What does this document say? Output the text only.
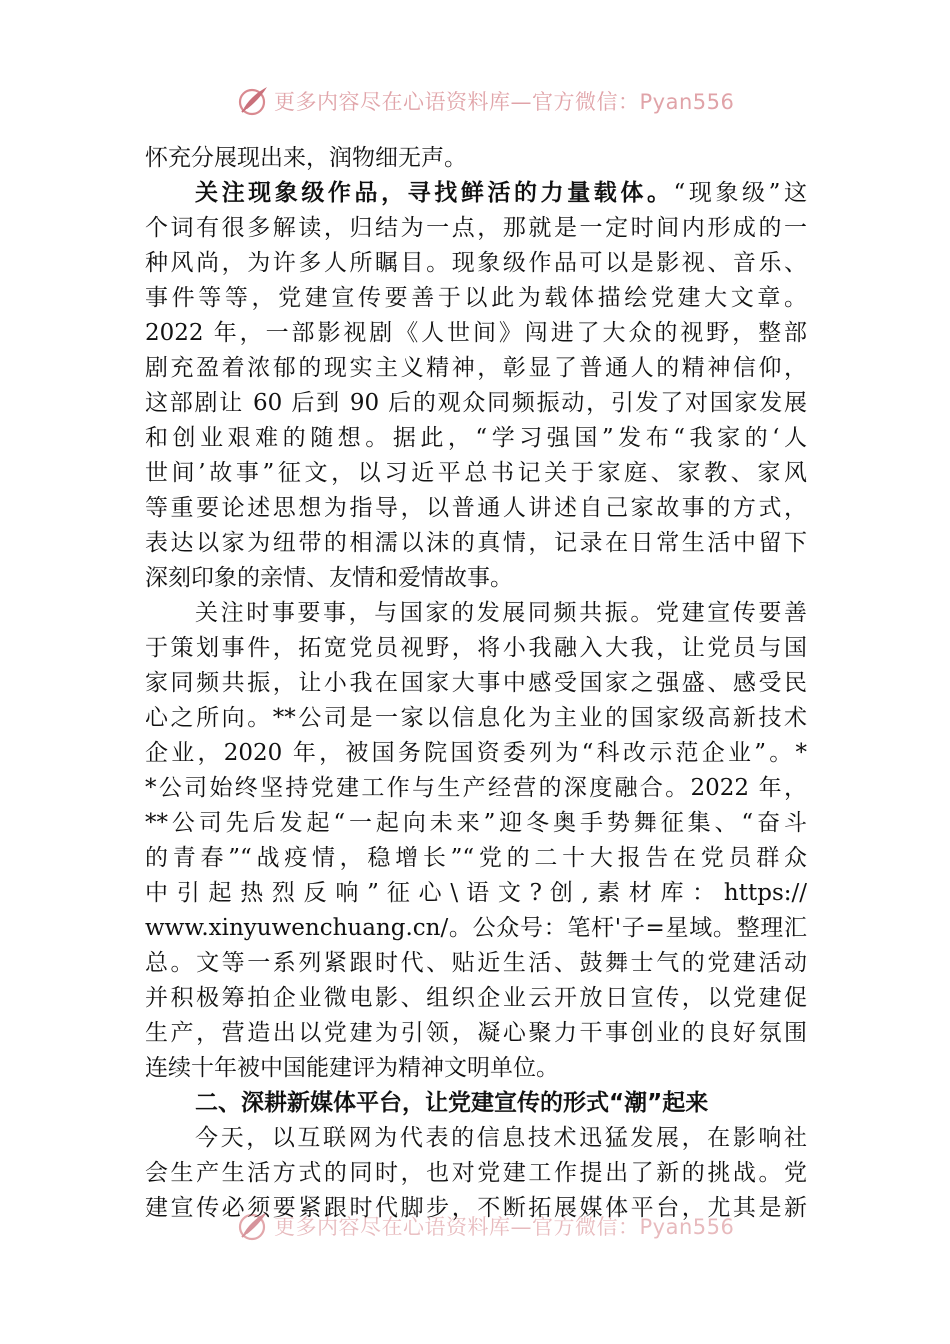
更多内容尽在心语资料库—官方微信：Pyan556
更多内容尽在心语资料库—官方微信：Pyan556
怀充分展现出来，润物细无声。
关注现象级作品，寻找鲜活的力量载体。“现象级”这
个词有很多解读，归结为一点，那就是一定时间内形成的一
种风尚，为许多人所瞩目。现象级作品可以是影视、音乐、
事件等等，党建宣传要善于以此为载体描绘党建大文章。
2022 年，一部影视剧《人世间》闯进了大众的视野，整部
剧充盈着浓郁的现实主义精神，彰显了普通人的精神信仰，
这部剧让 60 后到 90 后的观众同频振动，引发了对国家发展
和创业艰难的随想。据此，“学习强国”发布“我家的‘人
世间’故事”征文，以习近平总书记关于家庭、家教、家风
等重要论述思想为指导，以普通人讲述自己家故事的方式，
表达以家为纽带的相濡以沫的真情，记录在日常生活中留下
深刻印象的亲情、友情和爱情故事。
关注时事要事，与国家的发展同频共振。党建宣传要善
于策划事件，拓宽党员视野，将小我融入大我，让党员与国
家同频共振，让小我在国家大事中感受国家之强盛、感受民
心之所向。**公司是一家以信息化为主业的国家级高新技术
企业，2020 年，被国务院国资委列为“科改示范企业”。*
*公司始终坚持党建工作与生产经营的深度融合。2022 年，
**公司先后发起“一起向未来”迎冬奥手势舞征集、“奋斗
的青春”“战疫情，稳增长”“党的二十大报告在党员群众
中 引 起 热 烈 反 响 ” 征 心 \ 语 文 ? 创 , 素 材 库 ： https://
www.xinyuwenchuang.cn/。公众号：笔杆'子=星域。整理汇
总。文等一系列紧跟时代、贴近生活、鼓舞士气的党建活动
并积极筹拍企业微电影、组织企业云开放日宣传，以党建促
生产，营造出以党建为引领，凝心聚力干事创业的良好氛围
连续十年被中国能建评为精神文明单位。
二、深耕新媒体平台，让党建宣传的形式“潮”起来
今天，以互联网为代表的信息技术迅猛发展，在影响社
会生产生活方式的同时，也对党建工作提出了新的挑战。党
建宣传必须要紧跟时代脚步，不断拓展媒体平台，尤其是新
